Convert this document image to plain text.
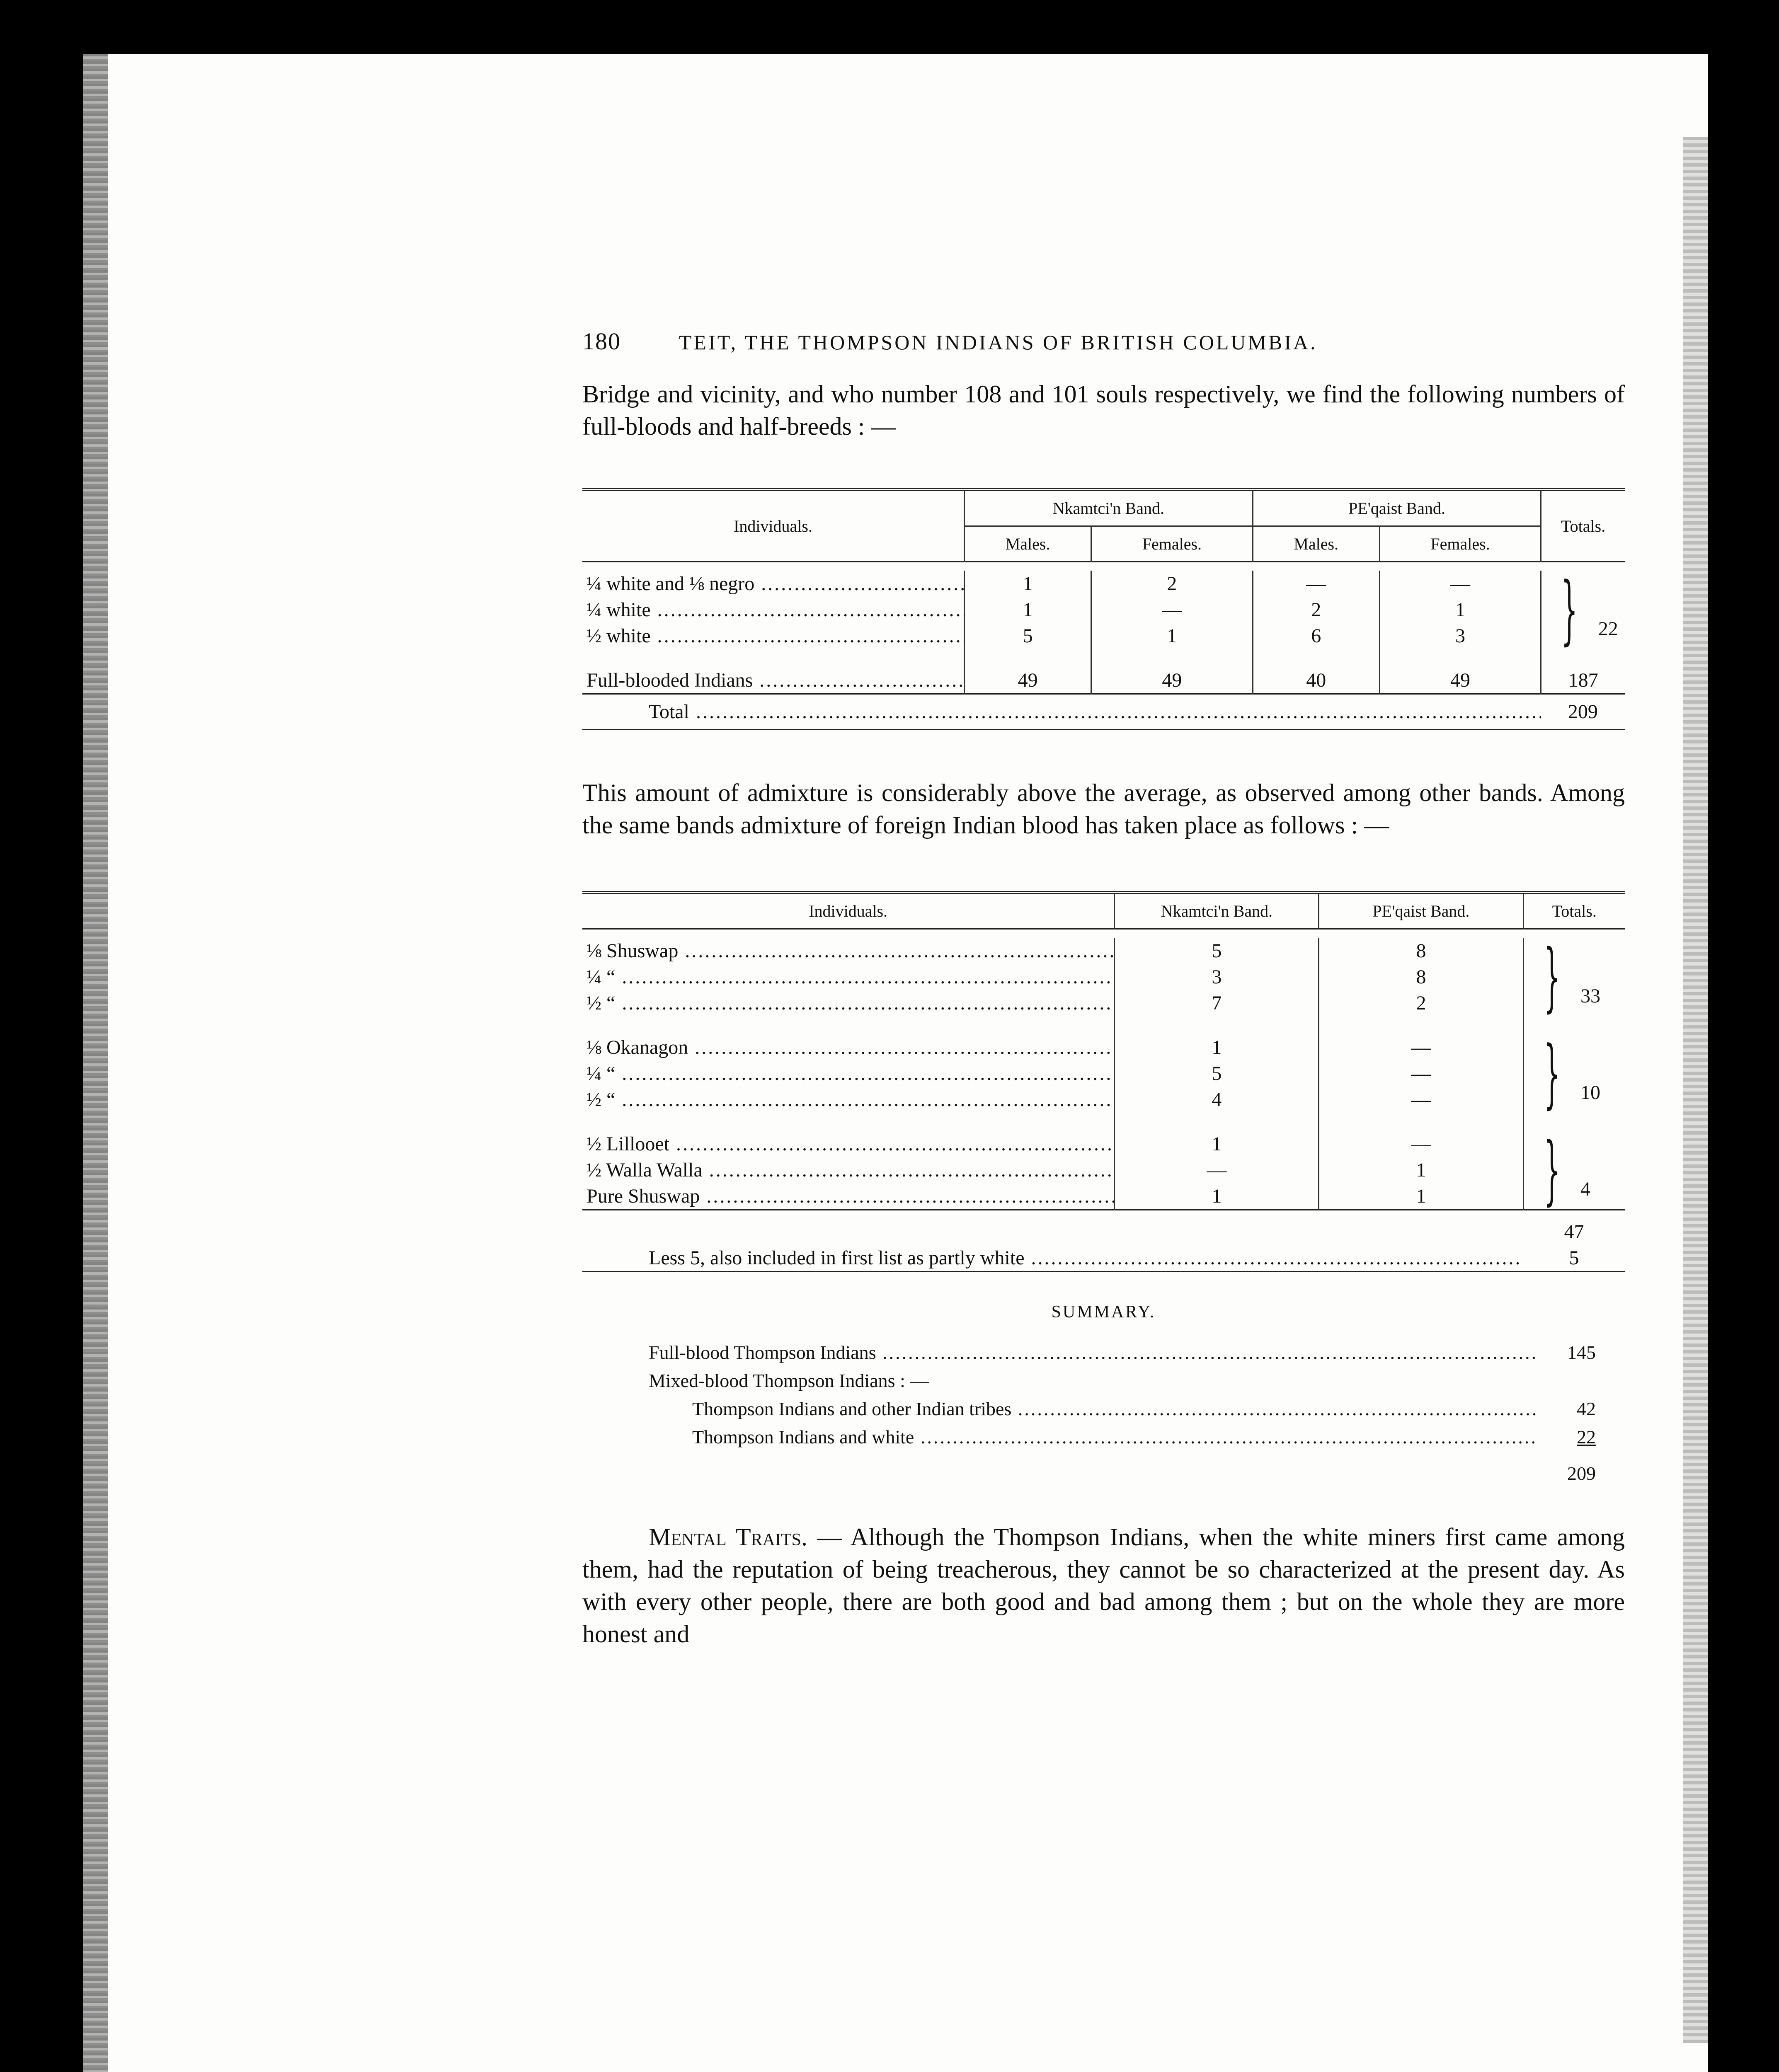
180	TEIT, THE THOMPSON INDIANS OF BRITISH COLUMBIA.

Bridge and vicinity, and who number 108 and 101 souls respectively, we find the following numbers of full-bloods and half-breeds : —

Individuals.	Nkamtci'n Band.		PE'qaist Band.		Totals.
	Males.	Females.	Males.	Females.	

¼ white and ⅛ negro .....	1	2	—	—	} 22
¼ white .....	1	—	2	1	
½ white .....	5	1	6	3	

Full-blooded Indians .....	49	49	40	49	187
Total .....					209

This amount of admixture is considerably above the average, as observed among other bands. Among the same bands admixture of foreign Indian blood has taken place as follows : —

Individuals.	Nkamtci'n Band.	PE'qaist Band.	Totals.

⅛ Shuswap .....	5	8	} 33
¼ “ .....	3	8	
½ “ .....	7	2	

⅛ Okanagon .....	1	—	} 10
¼ “ .....	5	—	
½ “ .....	4	—	

½ Lillooet .....	1	—	} 4
½ Walla Walla .....	—	1	
Pure Shuswap .....	1	1	
			47
Less 5, also included in first list as partly white .....			5

SUMMARY.
Full-blood Thompson Indians .....	145
Mixed-blood Thompson Indians : —
Thompson Indians and other Indian tribes .....	42
Thompson Indians and white .....	22
209

Mental Traits. — Although the Thompson Indians, when the white miners first came among them, had the reputation of being treacherous, they cannot be so characterized at the present day. As with every other people, there are both good and bad among them ; but on the whole they are more honest and
